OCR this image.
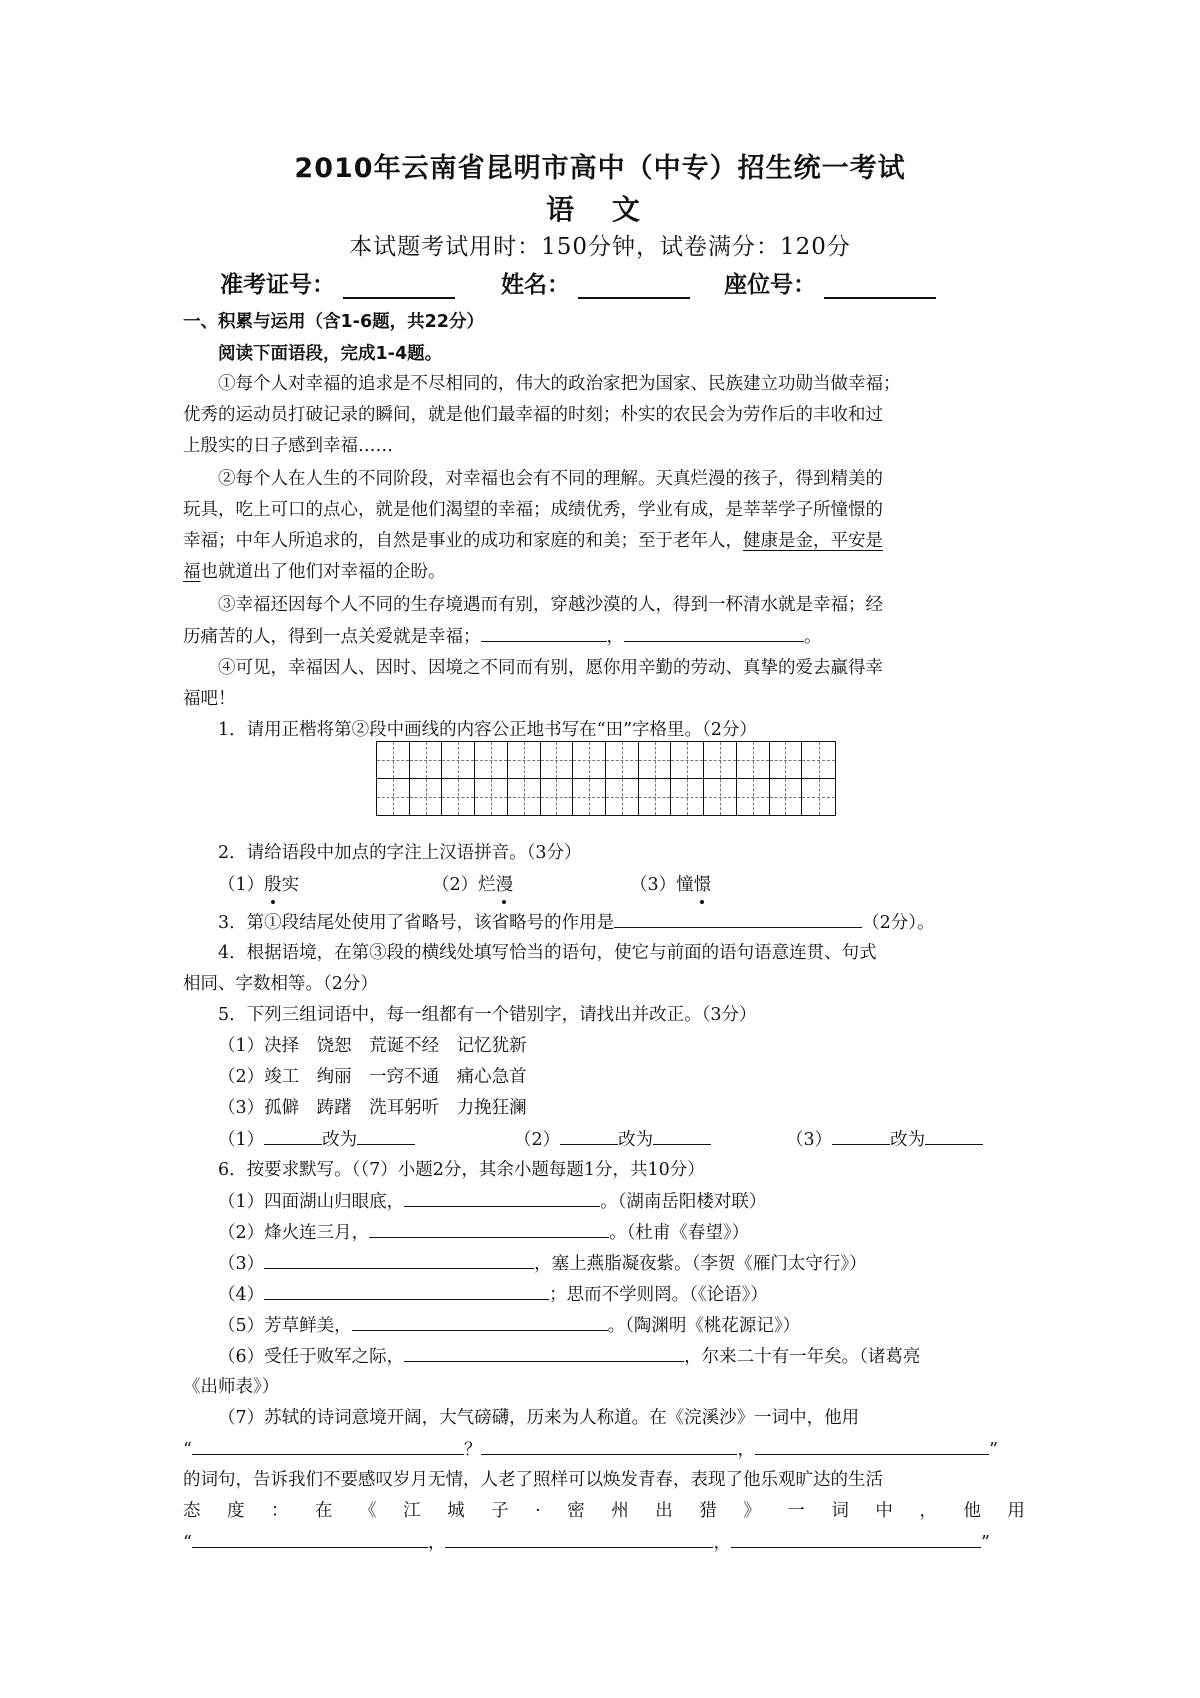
2010年云南省昆明市高中（中专）招生统一考试
语 文
本试题考试用时：150分钟，试卷满分：120分
准考证号：	姓名：	座位号：
一、积累与运用（含1-6题，共22分）
阅读下面语段，完成1-4题。
①每个人对幸福的追求是不尽相同的，伟大的政治家把为国家、民族建立功勋当做幸福；
优秀的运动员打破记录的瞬间，就是他们最幸福的时刻；朴实的农民会为劳作后的丰收和过
上殷实的日子感到幸福……
②每个人在人生的不同阶段，对幸福也会有不同的理解。天真烂漫的孩子，得到精美的
玩具，吃上可口的点心，就是他们渴望的幸福；成绩优秀，学业有成，是莘莘学子所憧憬的
幸福；中年人所追求的，自然是事业的成功和家庭的和美；至于老年人，健康是金，平安是
福也就道出了他们对幸福的企盼。
③幸福还因每个人不同的生存境遇而有别，穿越沙漠的人，得到一杯清水就是幸福；经
历痛苦的人，得到一点关爱就是幸福；	，	。
④可见，幸福因人、因时、因境之不同而有别，愿你用辛勤的劳动、真挚的爱去赢得幸
福吧！
1．请用正楷将第②段中画线的内容公正地书写在“田”字格里。（2分）
2．请给语段中加点的字注上汉语拼音。（3分）
（1）殷实	（2）烂漫	（3）憧憬
3．第①段结尾处使用了省略号，该省略号的作用是	（2分）。
4．根据语境，在第③段的横线处填写恰当的语句，使它与前面的语句语意连贯、句式
相同、字数相等。（2分）
5．下列三组词语中，每一组都有一个错别字，请找出并改正。（3分）
（1）决择　饶恕　荒诞不经　记忆犹新
（2）竣工　绚丽　一窍不通　痛心急首
（3）孤僻　踌躇　洗耳躬听　力挽狂澜
（1）	改为	（2）	改为	（3）	改为
6．按要求默写。（（7）小题2分，其余小题每题1分，共10分）
（1）四面湖山归眼底，	。（湖南岳阳楼对联）
（2）烽火连三月，	。（杜甫《春望》）
（3）	，塞上燕脂凝夜紫。（李贺《雁门太守行》）
（4）	；思而不学则罔。（《论语》）
（5）芳草鲜美，	。（陶渊明《桃花源记》）
（6）受任于败军之际，	，尔来二十有一年矣。（诸葛亮
《出师表》）
（7）苏轼的诗词意境开阔，大气磅礴，历来为人称道。在《浣溪沙》一词中，他用
“	？	，	”
的词句，告诉我们不要感叹岁月无情，人老了照样可以焕发青春，表现了他乐观旷达的生活
态 度 ： 在 《 江 城 子 · 密 州 出 猎 》 一 词 中 ， 他 用
“	，	，	”
